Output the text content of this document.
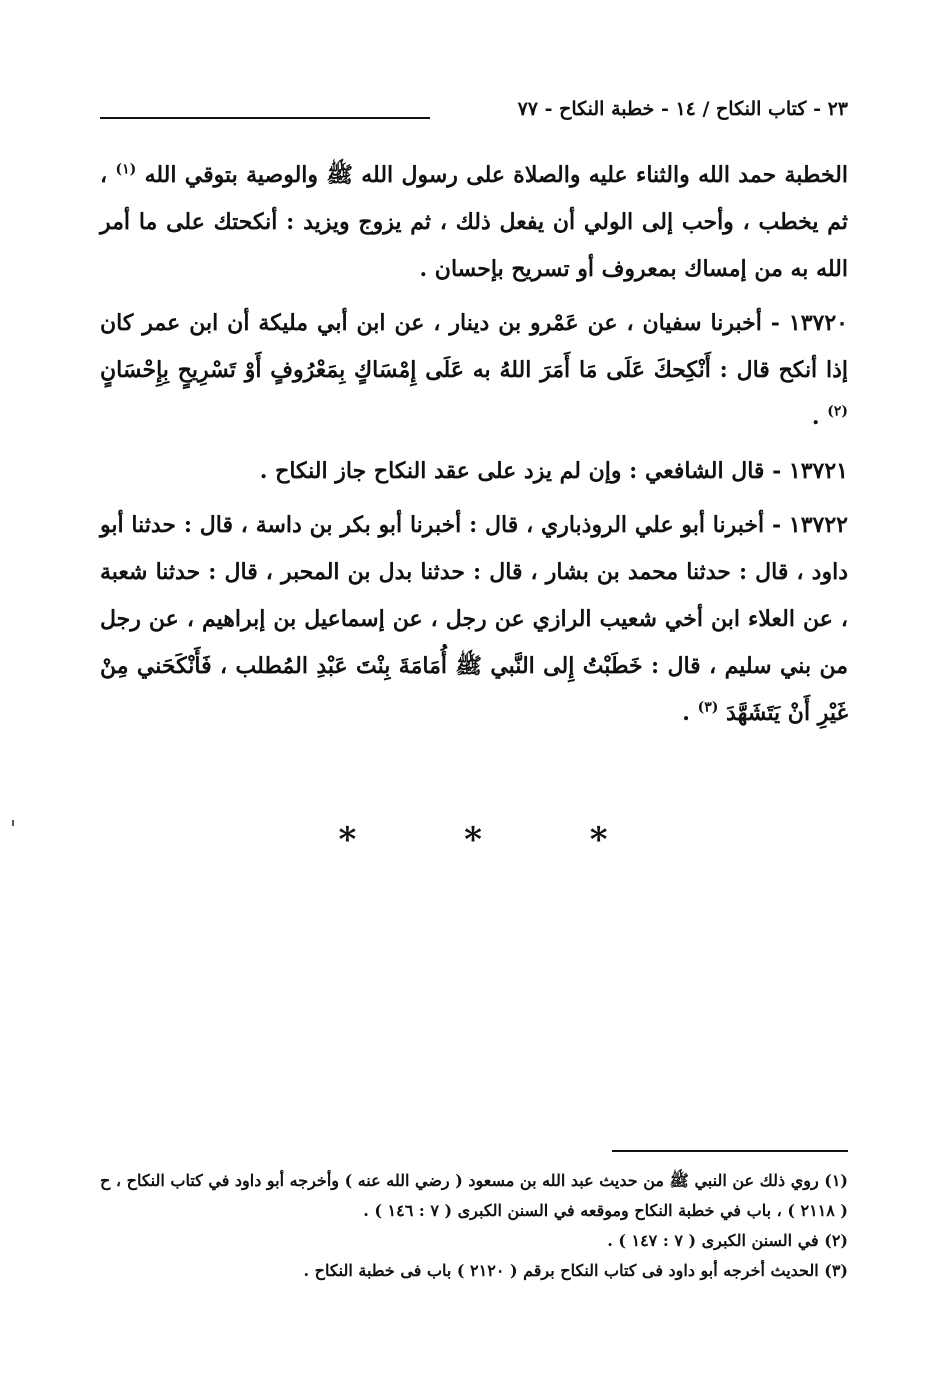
٢٣ - كتاب النكاح / ١٤ - خطبة النكاح - ٧٧

الخطبة حمد الله والثناء عليه والصلاة على رسول الله ﷺ والوصية بتوقي الله $^{(١)}$ ، ثم يخطب ، وأحب إلى الولي أن يفعل ذلك ، ثم يزوج ويزيد : أنكحتك على ما أمر الله به من إمساك بمعروف أو تسريح بإحسان .

١٣٧٢٠ - أخبرنا سفيان ، عن عَمْرو بن دينار ، عن ابن أبي مليكة أن ابن عمر كان إذا أنكح قال : أَنْكِحكَ عَلَى مَا أَمَرَ اللهُ به عَلَى إِمْسَاكٍ بِمَعْرُوفٍ أَوْ تَسْرِيحٍ بِإِحْسَانٍ $^{(٢)}$ .

١٣٧٢١ - قال الشافعي : وإن لم يزد على عقد النكاح جاز النكاح .

١٣٧٢٢ - أخبرنا أبو علي الروذباري ، قال : أخبرنا أبو بكر بن داسة ، قال : حدثنا أبو داود ، قال : حدثنا محمد بن بشار ، قال : حدثنا بدل بن المحبر ، قال : حدثنا شعبة ، عن العلاء ابن أخي شعيب الرازي عن رجل ، عن إسماعيل بن إبراهيم ، عن رجل من بني سليم ، قال : خَطَبْتُ إِلى النَّبي ﷺ أُمَامَةَ بِنْتَ عَبْدِ المُطلب ، فَأَنْكَحَني مِنْ غَيْرِ أَنْ يَتَشَهَّدَ $^{(٣)}$ .

* * *

(١) روي ذلك عن النبي ﷺ من حديث عبد الله بن مسعود ( رضي الله عنه ) وأخرجه أبو داود في كتاب النكاح ، ح ( ٢١١٨ ) ، باب في خطبة النكاح وموقعه في السنن الكبرى ( ٧ : ١٤٦ ) .

(٢) في السنن الكبرى ( ٧ : ١٤٧ ) .

(٣) الحديث أخرجه أبو داود فى كتاب النكاح برقم ( ٢١٢٠ ) باب فى خطبة النكاح .
